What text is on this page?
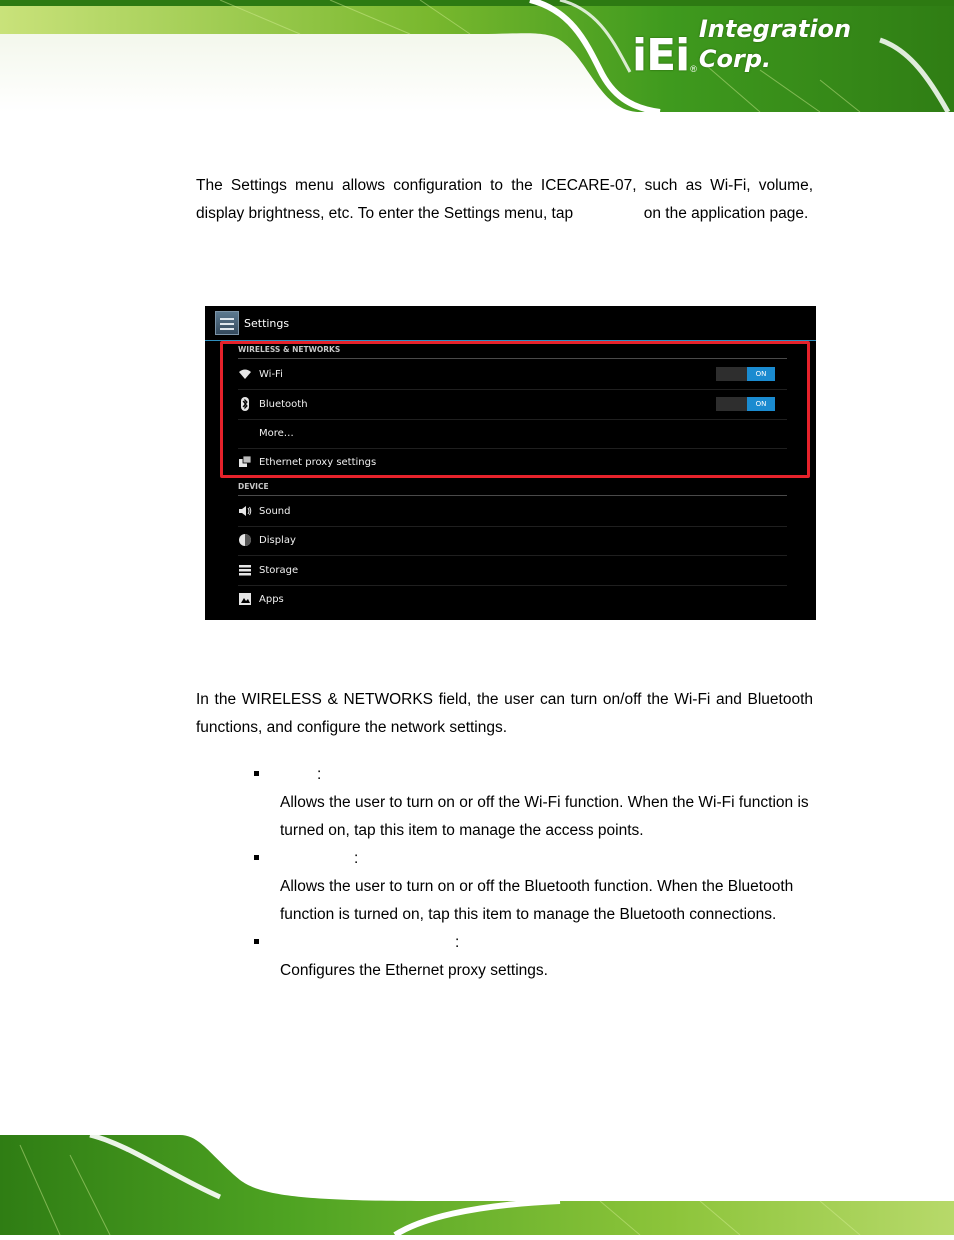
iEi ®
Integration Corp.

The Settings menu allows configuration to the ICECARE-07, such as Wi-Fi, volume, display brightness, etc. To enter the Settings menu, tap	on the application page.

Settings
WIRELESS & NETWORKS
Wi-Fi	ON
Bluetooth	ON
More…
Ethernet proxy settings
DEVICE
Sound
Display
Storage
Apps

In the WIRELESS & NETWORKS field, the user can turn on/off the Wi-Fi and Bluetooth functions, and configure the network settings.

:

Allows the user to turn on or off the Wi-Fi function. When the Wi-Fi function is turned on, tap this item to manage the access points.

:

Allows the user to turn on or off the Bluetooth function. When the Bluetooth function is turned on, tap this item to manage the Bluetooth connections.

:

Configures the Ethernet proxy settings.
